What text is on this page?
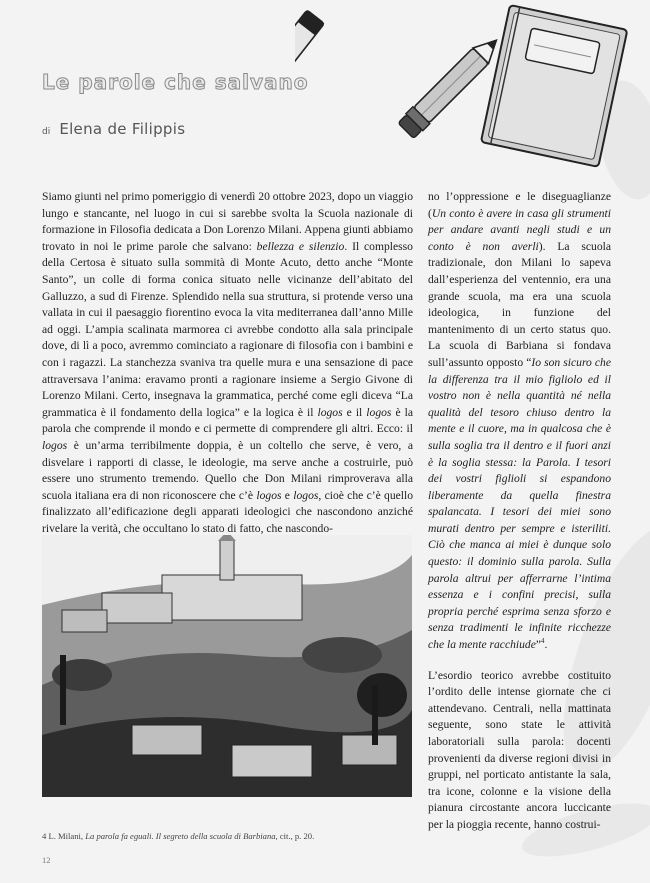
Le parole che salvano
di Elena de Filippis

Siamo giunti nel primo pomeriggio di venerdì 20 ottobre 2023, dopo un viaggio lungo e stancante, nel luogo in cui si sarebbe svolta la Scuola nazionale di formazione in Filosofia dedicata a Don Lorenzo Milani. Appena giunti abbiamo trovato in noi le prime parole che salvano: bellezza e silenzio. Il complesso della Certosa è situato sulla sommità di Monte Acuto, detto anche “Monte Santo”, un colle di forma conica situato nelle vicinanze dell’abitato del Galluzzo, a sud di Firenze. Splendido nella sua struttura, si protende verso una vallata in cui il paesaggio fiorentino evoca la vita mediterranea dall’anno Mille ad oggi. L’ampia scalinata marmorea ci avrebbe condotto alla sala principale dove, di lì a poco, avremmo cominciato a ragionare di filosofia con i bambini e con i ragazzi. La stanchezza svaniva tra quelle mura e una sensazione di pace attraversava l’anima: eravamo pronti a ragionare insieme a Sergio Givone di Lorenzo Milani. Certo, insegnava la grammatica, perché come egli diceva “La grammatica è il fondamento della logica” e la logica è il logos e il logos è la parola che comprende il mondo e ci permette di comprendere gli altri. Ecco: il logos è un’arma terribilmente doppia, è un coltello che serve, è vero, a disvelare i rapporti di classe, le ideologie, ma serve anche a costruirle, può essere uno strumento tremendo. Quello che Don Milani rimproverava alla scuola italiana era di non riconoscere che c’è logos e logos, cioè che c’è quello finalizzato all’edificazione degli apparati ideologici che nascondono anziché rivelare la verità, che occultano lo stato di fatto, che nascondo-

no l’oppressione e le diseguaglianze (Un conto è avere in casa gli strumenti per andare avanti negli studi e un conto è non averli). La scuola tradizionale, don Milani lo sapeva dall’esperienza del ventennio, era una grande scuola, ma era una scuola ideologica, in funzione del mantenimento di un certo status quo. La scuola di Barbiana si fondava sull’assunto opposto “Io son sicuro che la differenza tra il mio figliolo ed il vostro non è nella quantità né nella qualità del tesoro chiuso dentro la mente e il cuore, ma in qualcosa che è sulla soglia tra il dentro e il fuori anzi è la soglia stessa: la Parola. I tesori dei vostri figlioli si espandono liberamente da quella finestra spalancata. I tesori dei miei sono murati dentro per sempre e isteriliti. Ciò che manca ai miei è dunque solo questo: il dominio sulla parola. Sulla parola altrui per afferrarne l’intima essenza e i confini precisi, sulla propria perché esprima senza sforzo e senza tradimenti le infinite ricchezze che la mente racchiude”$^4$.

L’esordio teorico avrebbe costituito l’ordito delle intense giornate che ci attendevano. Centrali, nella mattinata seguente, sono state le attività laboratoriali sulla parola: docenti provenienti da diverse regioni divisi in gruppi, nel porticato antistante la sala, tra icone, colonne e la visione della pianura circostante ancora luccicante per la pioggia recente, hanno costrui-

4 L. Milani, La parola fa eguali. Il segreto della scuola di Barbiana, cit., p. 20.
12
